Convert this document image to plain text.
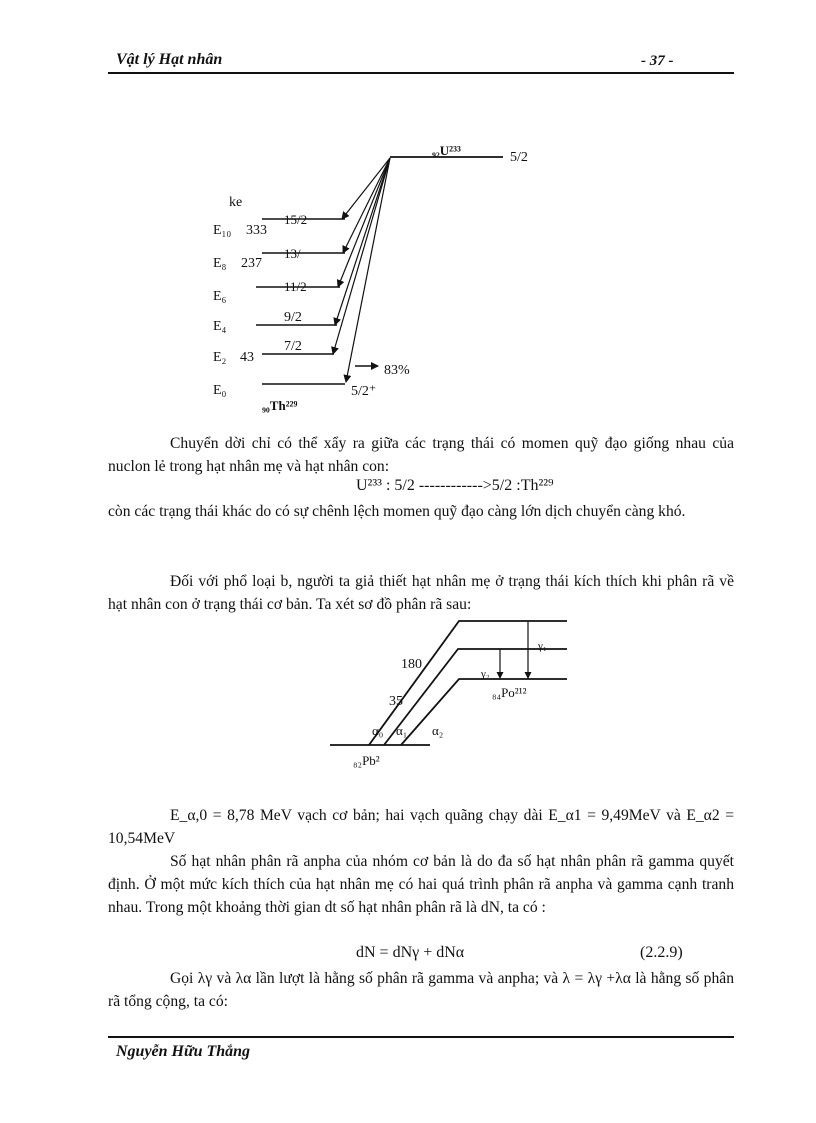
Vật lý Hạt nhân	- 37 -
₉₂U²³³	5/2
ke
E₁₀ 333
15/2
E₈ 237
13/
E₆
11/2
E₄
9/2
E₂ 43
7/2
E₀	5/2⁺
₉₀Th²²⁹
83%
Chuyển dời chỉ có thể xẩy ra giữa các trạng thái có momen quỹ đạo giống nhau của nuclon lẻ trong hạt nhân mẹ và hạt nhân con:
U²³³ : 5/2 ------------>5/2 :Th²²⁹
còn các trạng thái khác do có sự chênh lệch momen quỹ đạo càng lớn dịch chuyển càng khó.
Đối với phổ loại b, người ta giả thiết hạt nhân mẹ ở trạng thái kích thích khi phân rã về hạt nhân con ở trạng thái cơ bản. Ta xét sơ đồ phân rã sau:
γ₁
γ₂
180
35
₈₄Po²¹²
α₀ α₁ α₂
₈₂Pb²
E_α,0 = 8,78 MeV vạch cơ bản; hai vạch quãng chạy dài E_α1 = 9,49MeV và E_α2 = 10,54MeV
Số hạt nhân phân rã anpha của nhóm cơ bản là do đa số hạt nhân phân rã gamma quyết định. Ở một mức kích thích của hạt nhân mẹ có hai quá trình phân rã anpha và gamma cạnh tranh nhau. Trong một khoảng thời gian dt số hạt nhân phân rã là dN, ta có :
dN = dNγ + dNα	(2.2.9)
Gọi λγ và λα lần lượt là hằng số phân rã gamma và anpha; và λ = λγ +λα là hằng số phân rã tổng cộng, ta có:
Nguyễn Hữu Thắng
